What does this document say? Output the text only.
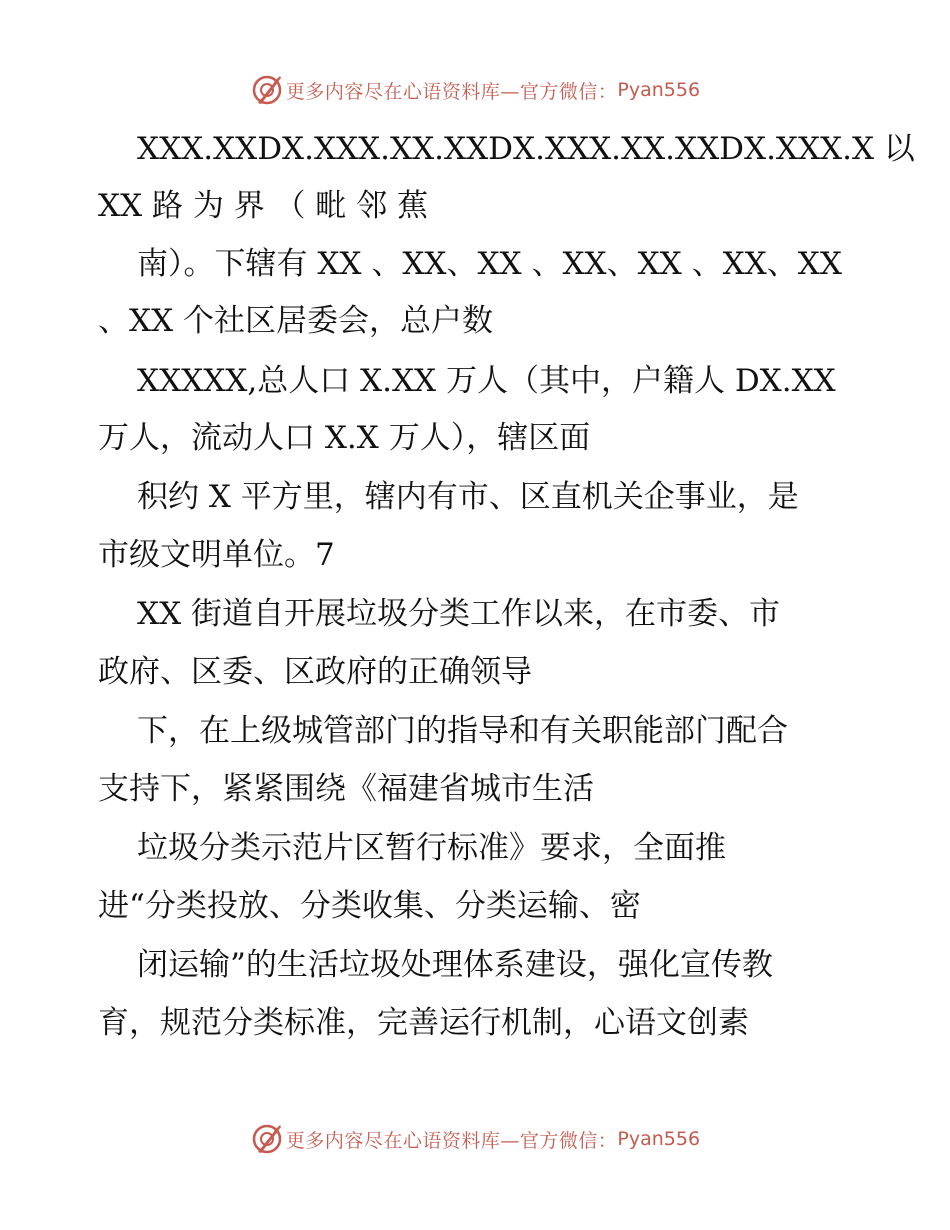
更多内容尽在心语资料库—官方微信： Pyan556
XXX.XXDX.XXX.XX.XXDX.XXX.XX.XXDX.XXX.X 以
XX 路 为 界 （ 毗 邻 蕉
南）。下辖有 XX 、XX、XX 、XX、XX 、XX、XX
、XX 个社区居委会，总户数
XXXXX,总人口 X.XX 万人（其中，户籍人 DX.XX
万人，流动人口 X.X 万人），辖区面
积约 X 平方里，辖内有市、区直机关企事业，是
市级文明单位。7
XX 街道自开展垃圾分类工作以来，在市委、市
政府、区委、区政府的正确领导
下，在上级城管部门的指导和有关职能部门配合
支持下，紧紧围绕《福建省城市生活
垃圾分类示范片区暂行标准》要求，全面推
进“分类投放、分类收集、分类运输、密
闭运输”的生活垃圾处理体系建设，强化宣传教
育，规范分类标准，完善运行机制，心语文创素
更多内容尽在心语资料库—官方微信： Pyan556
